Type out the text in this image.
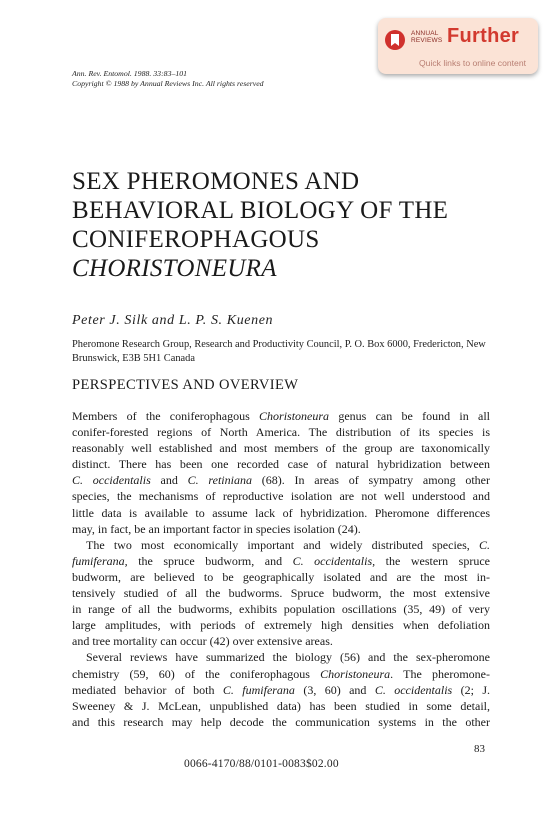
ANNUAL
REVIEWS Further
Quick links to online content
Ann. Rev. Entomol. 1988. 33:83–101
Copyright © 1988 by Annual Reviews Inc. All rights reserved
SEX PHEROMONES AND
BEHAVIORAL BIOLOGY OF THE
CONIFEROPHAGOUS
CHORISTONEURA
Peter J. Silk and L. P. S. Kuenen
Pheromone Research Group, Research and Productivity Council, P. O. Box 6000, Fredericton, New Brunswick, E3B 5H1 Canada
PERSPECTIVES AND OVERVIEW
Members of the coniferophagous Choristoneura genus can be found in all
conifer-forested regions of North America. The distribution of its species is
reasonably well established and most members of the group are taxonomically
distinct. There has been one recorded case of natural hybridization between
C. occidentalis and C. retiniana (68). In areas of sympatry among other
species, the mechanisms of reproductive isolation are not well understood and
little data is available to assume lack of hybridization. Pheromone differences
may, in fact, be an important factor in species isolation (24).
The two most economically important and widely distributed species, C.
fumiferana, the spruce budworm, and C. occidentalis, the western spruce
budworm, are believed to be geographically isolated and are the most in-
tensively studied of all the budworms. Spruce budworm, the most extensive
in range of all the budworms, exhibits population oscillations (35, 49) of very
large amplitudes, with periods of extremely high densities when defoliation
and tree mortality can occur (42) over extensive areas.
Several reviews have summarized the biology (56) and the sex-pheromone
chemistry (59, 60) of the coniferophagous Choristoneura. The pheromone-
mediated behavior of both C. fumiferana (3, 60) and C. occidentalis (2; J.
Sweeney & J. McLean, unpublished data) has been studied in some detail,
and this research may help decode the communication systems in the other
83
0066-4170/88/0101-0083$02.00
